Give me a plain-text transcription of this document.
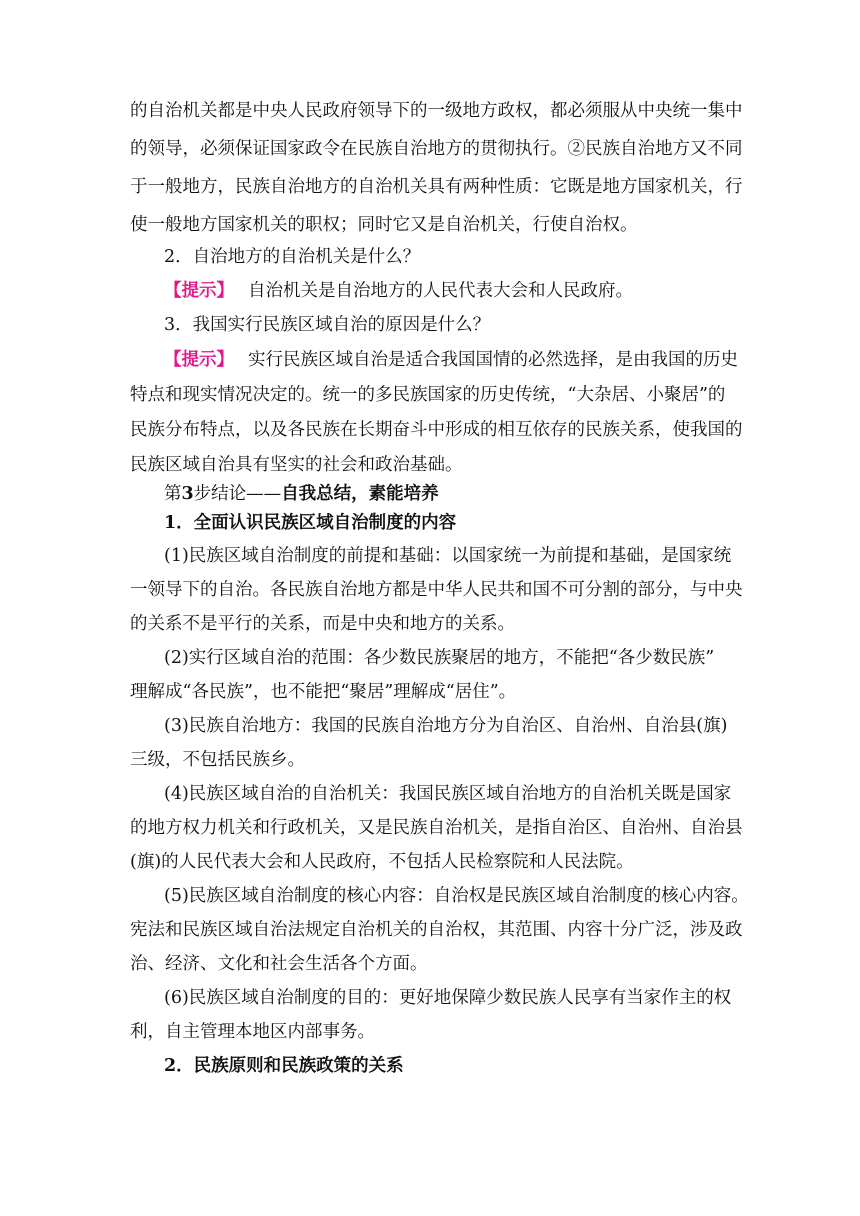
的自治机关都是中央人民政府领导下的一级地方政权，都必须服从中央统一集中
的领导，必须保证国家政令在民族自治地方的贯彻执行。②民族自治地方又不同
于一般地方，民族自治地方的自治机关具有两种性质：它既是地方国家机关，行
使一般地方国家机关的职权；同时它又是自治机关，行使自治权。
2．自治地方的自治机关是什么？
【提示】 自治机关是自治地方的人民代表大会和人民政府。
3．我国实行民族区域自治的原因是什么？
【提示】 实行民族区域自治是适合我国国情的必然选择，是由我国的历史
特点和现实情况决定的。统一的多民族国家的历史传统，“大杂居、小聚居”的
民族分布特点，以及各民族在长期奋斗中形成的相互依存的民族关系，使我国的
民族区域自治具有坚实的社会和政治基础。
第3步结论——自我总结，素能培养
1．全面认识民族区域自治制度的内容
(1)民族区域自治制度的前提和基础：以国家统一为前提和基础，是国家统
一领导下的自治。各民族自治地方都是中华人民共和国不可分割的部分，与中央
的关系不是平行的关系，而是中央和地方的关系。
(2)实行区域自治的范围：各少数民族聚居的地方，不能把“各少数民族”
理解成“各民族”，也不能把“聚居”理解成“居住”。
(3)民族自治地方：我国的民族自治地方分为自治区、自治州、自治县(旗)
三级，不包括民族乡。
(4)民族区域自治的自治机关：我国民族区域自治地方的自治机关既是国家
的地方权力机关和行政机关，又是民族自治机关，是指自治区、自治州、自治县
(旗)的人民代表大会和人民政府，不包括人民检察院和人民法院。
(5)民族区域自治制度的核心内容：自治权是民族区域自治制度的核心内容。
宪法和民族区域自治法规定自治机关的自治权，其范围、内容十分广泛，涉及政
治、经济、文化和社会生活各个方面。
(6)民族区域自治制度的目的：更好地保障少数民族人民享有当家作主的权
利，自主管理本地区内部事务。
2．民族原则和民族政策的关系
